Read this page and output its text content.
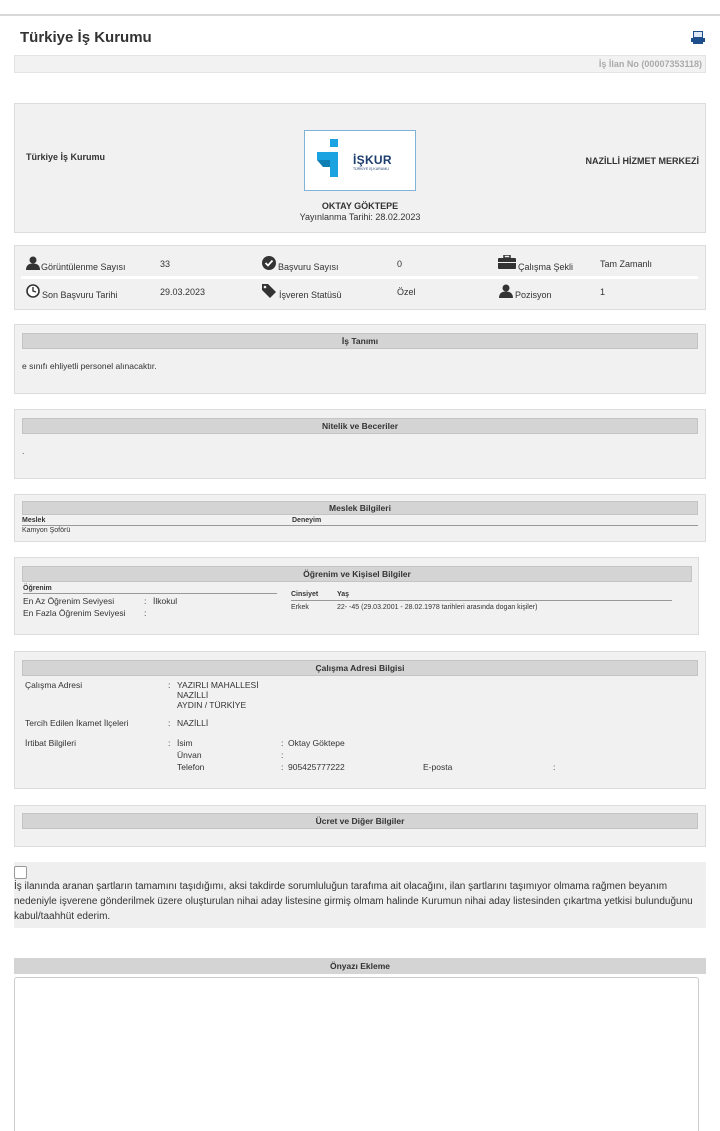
Türkiye İş Kurumu
İş İlan No (00007353118)
Türkiye İş Kurumu	İŞKUR
TÜRKİYE İŞ KURUMU
NAZİLLİ HİZMET MERKEZİ
OKTAY GÖKTEPE
Yayınlanma Tarihi: 28.02.2023
Görüntülenme Sayısı	33	Başvuru Sayısı	0	Çalışma Şekli	Tam Zamanlı
Son Başvuru Tarihi	29.03.2023	İşveren Statüsü	Özel	Pozisyon	1
İş Tanımı
e sınıfı ehliyetli personel alınacaktır.
Nitelik ve Beceriler
.
Meslek Bilgileri
Meslek	Deneyim
Kamyon Şoförü
Öğrenim ve Kişisel Bilgiler
Öğrenim
En Az Öğrenim Seviyesi	: İlkokul
En Fazla Öğrenim Seviyesi :
Cinsiyet	Yaş
Erkek	22- -45 (29.03.2001 - 28.02.1978 tarihleri arasında dogan kişiler)
Çalışma Adresi Bilgisi
Çalışma Adresi	: YAZIRLI MAHALLESİ
NAZİLLİ
AYDIN / TÜRKİYE
Tercih Edilen İkamet İlçeleri	: NAZİLLİ
İrtibat Bilgileri	: İsim	: Oktay Göktepe
Ünvan	:
Telefon	: 905425777222	E-posta	:
Ücret ve Diğer Bilgiler
İş ilanında aranan şartların tamamını taşıdığımı, aksi takdirde sorumluluğun tarafıma ait olacağını, ilan şartlarını taşımıyor olmama rağmen beyanım nedeniyle işverene gönderilmek üzere oluşturulan nihai aday listesine girmiş olmam halinde Kurumun nihai aday listesinden çıkartma yetkisi bulunduğunu kabul/taahhüt ederim.
Önyazı Ekleme
